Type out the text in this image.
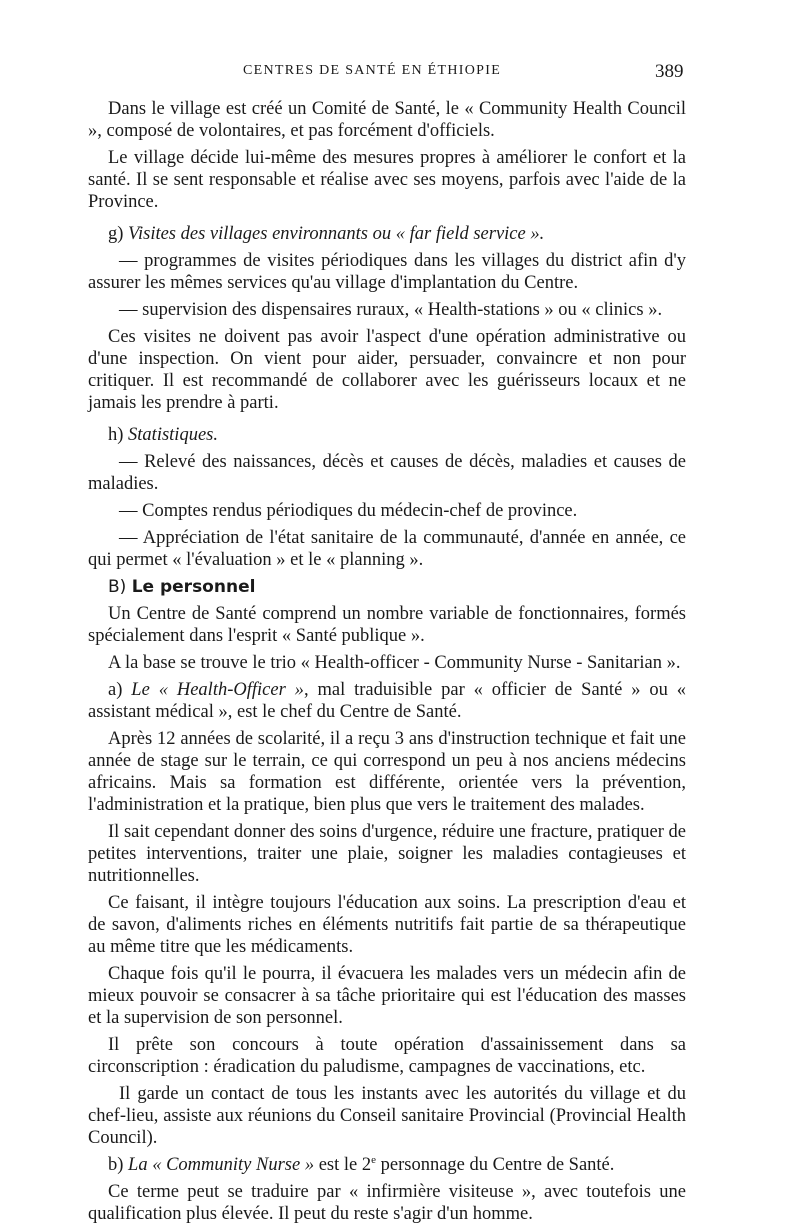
CENTRES DE SANTÉ EN ÉTHIOPIE	389

Dans le village est créé un Comité de Santé, le « Community Health Council », composé de volontaires, et pas forcément d'officiels.

Le village décide lui-même des mesures propres à améliorer le confort et la santé. Il se sent responsable et réalise avec ses moyens, parfois avec l'aide de la Province.

g) Visites des villages environnants ou « far field service ».

— programmes de visites périodiques dans les villages du district afin d'y assurer les mêmes services qu'au village d'implantation du Centre.

— supervision des dispensaires ruraux, « Health-stations » ou « clinics ».

Ces visites ne doivent pas avoir l'aspect d'une opération administrative ou d'une inspection. On vient pour aider, persuader, convaincre et non pour critiquer. Il est recommandé de collaborer avec les guérisseurs locaux et ne jamais les prendre à parti.

h) Statistiques.

— Relevé des naissances, décès et causes de décès, maladies et causes de maladies.

— Comptes rendus périodiques du médecin-chef de province.

— Appréciation de l'état sanitaire de la communauté, d'année en année, ce qui permet « l'évaluation » et le « planning ».

B) Le personnel

Un Centre de Santé comprend un nombre variable de fonctionnaires, formés spécialement dans l'esprit « Santé publique ».

A la base se trouve le trio « Health-officer - Community Nurse - Sanitarian ».

a) Le « Health-Officer », mal traduisible par « officier de Santé » ou « assistant médical », est le chef du Centre de Santé.

Après 12 années de scolarité, il a reçu 3 ans d'instruction technique et fait une année de stage sur le terrain, ce qui correspond un peu à nos anciens médecins africains. Mais sa formation est différente, orientée vers la prévention, l'administration et la pratique, bien plus que vers le traitement des malades.

Il sait cependant donner des soins d'urgence, réduire une fracture, pratiquer de petites interventions, traiter une plaie, soigner les maladies contagieuses et nutritionnelles.

Ce faisant, il intègre toujours l'éducation aux soins. La prescription d'eau et de savon, d'aliments riches en éléments nutritifs fait partie de sa thérapeutique au même titre que les médicaments.

Chaque fois qu'il le pourra, il évacuera les malades vers un médecin afin de mieux pouvoir se consacrer à sa tâche prioritaire qui est l'éducation des masses et la supervision de son personnel.

Il prête son concours à toute opération d'assainissement dans sa circonscription : éradication du paludisme, campagnes de vaccinations, etc.

Il garde un contact de tous les instants avec les autorités du village et du chef-lieu, assiste aux réunions du Conseil sanitaire Provincial (Provincial Health Council).

b) La « Community Nurse » est le 2e personnage du Centre de Santé.

Ce terme peut se traduire par « infirmière visiteuse », avec toutefois une qualification plus élevée. Il peut du reste s'agir d'un homme.
